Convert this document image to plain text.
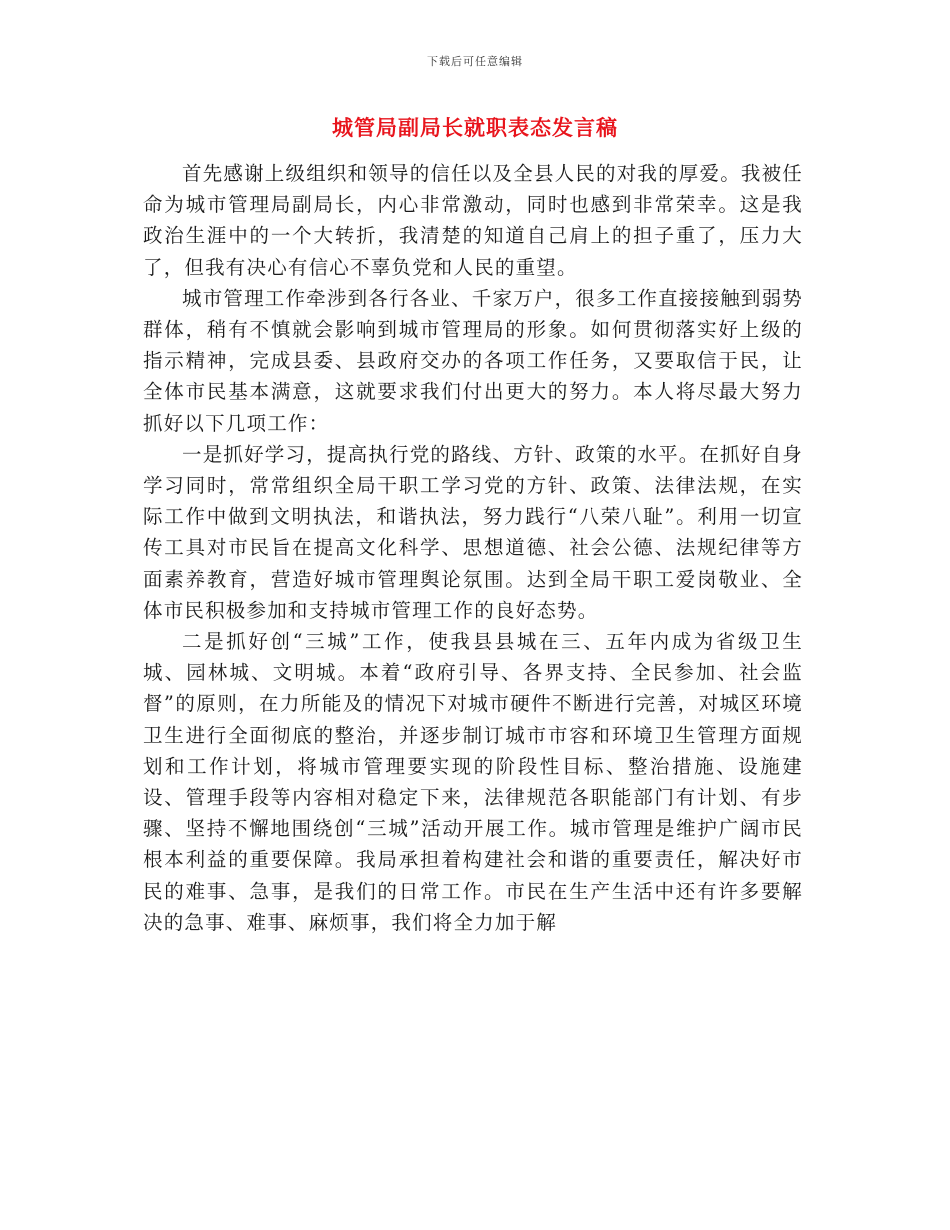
下载后可任意编辑
城管局副局长就职表态发言稿

首先感谢上级组织和领导的信任以及全县人民的对我的厚爱。我被任命为城市管理局副局长，内心非常激动，同时也感到非常荣幸。这是我政治生涯中的一个大转折，我清楚的知道自己肩上的担子重了，压力大了，但我有决心有信心不辜负党和人民的重望。

城市管理工作牵涉到各行各业、千家万户，很多工作直接接触到弱势群体，稍有不慎就会影响到城市管理局的形象。如何贯彻落实好上级的指示精神，完成县委、县政府交办的各项工作任务，又要取信于民，让全体市民基本满意，这就要求我们付出更大的努力。本人将尽最大努力抓好以下几项工作：

一是抓好学习，提高执行党的路线、方针、政策的水平。在抓好自身学习同时，常常组织全局干职工学习党的方针、政策、法律法规，在实际工作中做到文明执法，和谐执法，努力践行“八荣八耻”。利用一切宣传工具对市民旨在提高文化科学、思想道德、社会公德、法规纪律等方面素养教育，营造好城市管理舆论氛围。达到全局干职工爱岗敬业、全体市民积极参加和支持城市管理工作的良好态势。

二是抓好创“三城”工作，使我县县城在三、五年内成为省级卫生城、园林城、文明城。本着“政府引导、各界支持、全民参加、社会监督”的原则，在力所能及的情况下对城市硬件不断进行完善，对城区环境卫生进行全面彻底的整治，并逐步制订城市市容和环境卫生管理方面规划和工作计划，将城市管理要实现的阶段性目标、整治措施、设施建设、管理手段等内容相对稳定下来，法律规范各职能部门有计划、有步骤、坚持不懈地围绕创“三城”活动开展工作。城市管理是维护广阔市民根本利益的重要保障。我局承担着构建社会和谐的重要责任，解决好市民的难事、急事，是我们的日常工作。市民在生产生活中还有许多要解决的急事、难事、麻烦事，我们将全力加于解
